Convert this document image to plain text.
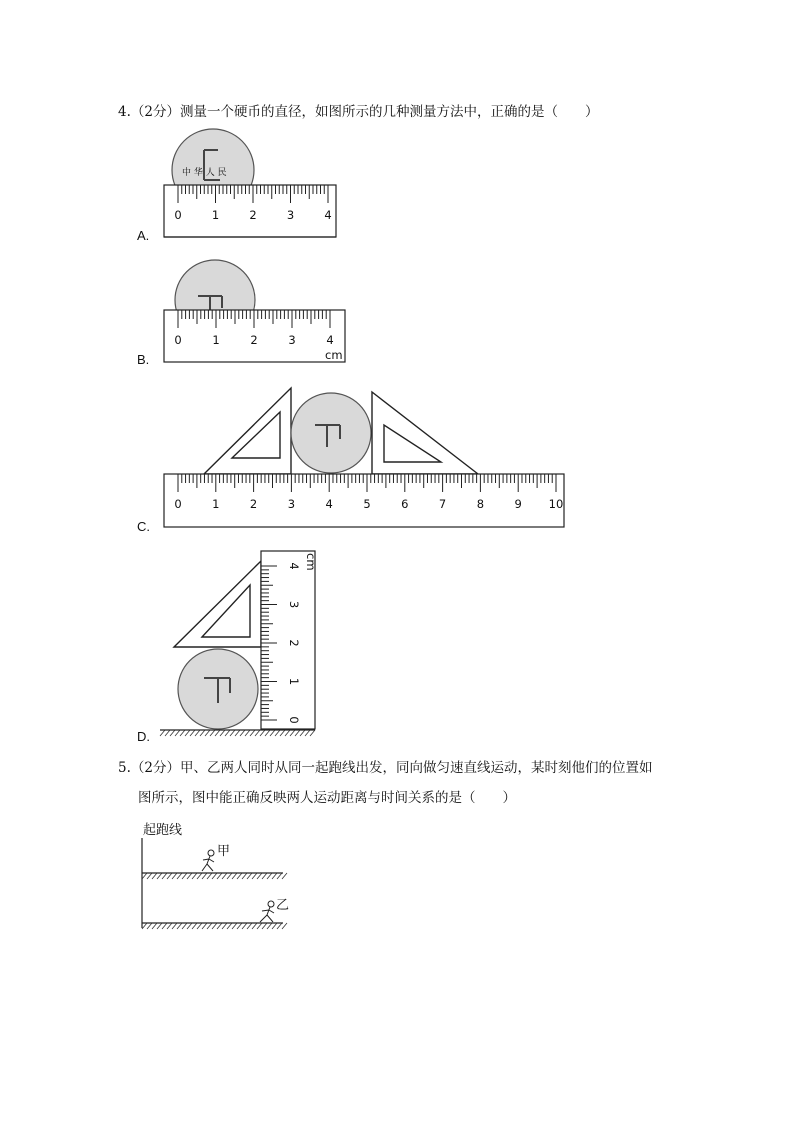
4.（2分）测量一个硬币的直径，如图所示的几种测量方法中，正确的是（　　）
A.
中 华 人 民
0	1	2	3	4
B.
0	1	2	3	4
cm
C.
0	1	2	3	4	5	6	7	8	9 10
D.
0
1
2
3
4 cm
5.（2分）甲、乙两人同时从同一起跑线出发，同向做匀速直线运动，某时刻他们的位置如
图所示，图中能正确反映两人运动距离与时间关系的是（　　）
起跑线
甲
乙
